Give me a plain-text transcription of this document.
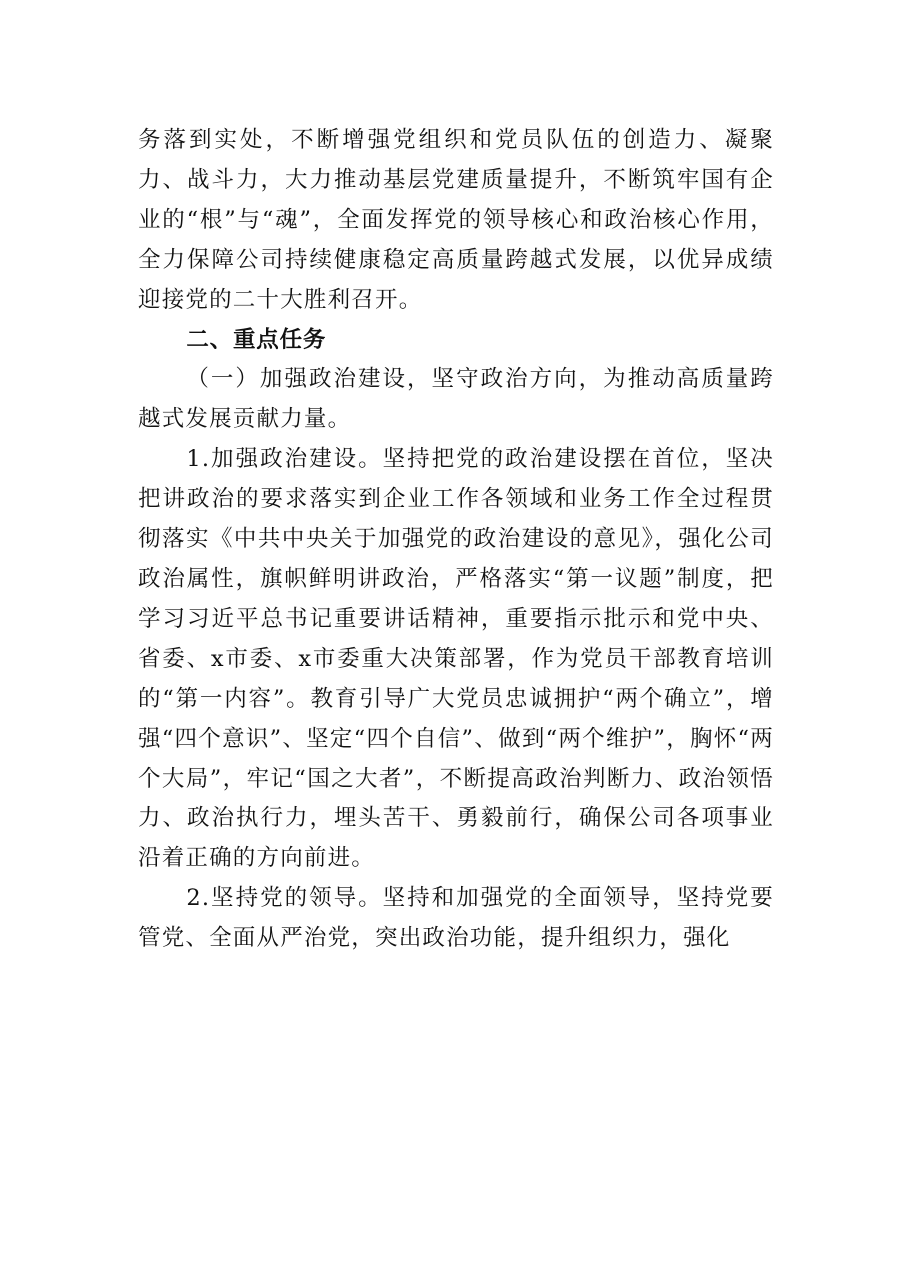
务落到实处，不断增强党组织和党员队伍的创造力、凝聚力、战斗力，大力推动基层党建质量提升，不断筑牢国有企业的“根”与“魂”，全面发挥党的领导核心和政治核心作用，全力保障公司持续健康稳定高质量跨越式发展，以优异成绩迎接党的二十大胜利召开。

二、重点任务

（一）加强政治建设，坚守政治方向，为推动高质量跨越式发展贡献力量。

1.加强政治建设。坚持把党的政治建设摆在首位，坚决把讲政治的要求落实到企业工作各领域和业务工作全过程贯彻落实《中共中央关于加强党的政治建设的意见》，强化公司政治属性，旗帜鲜明讲政治，严格落实“第一议题”制度，把学习习近平总书记重要讲话精神，重要指示批示和党中央、省委、x市委、x市委重大决策部署，作为党员干部教育培训的“第一内容”。教育引导广大党员忠诚拥护“两个确立”，增强“四个意识”、坚定“四个自信”、做到“两个维护”，胸怀“两个大局”，牢记“国之大者”，不断提高政治判断力、政治领悟力、政治执行力，埋头苦干、勇毅前行，确保公司各项事业沿着正确的方向前进。

2.坚持党的领导。坚持和加强党的全面领导，坚持党要管党、全面从严治党，突出政治功能，提升组织力，强化
